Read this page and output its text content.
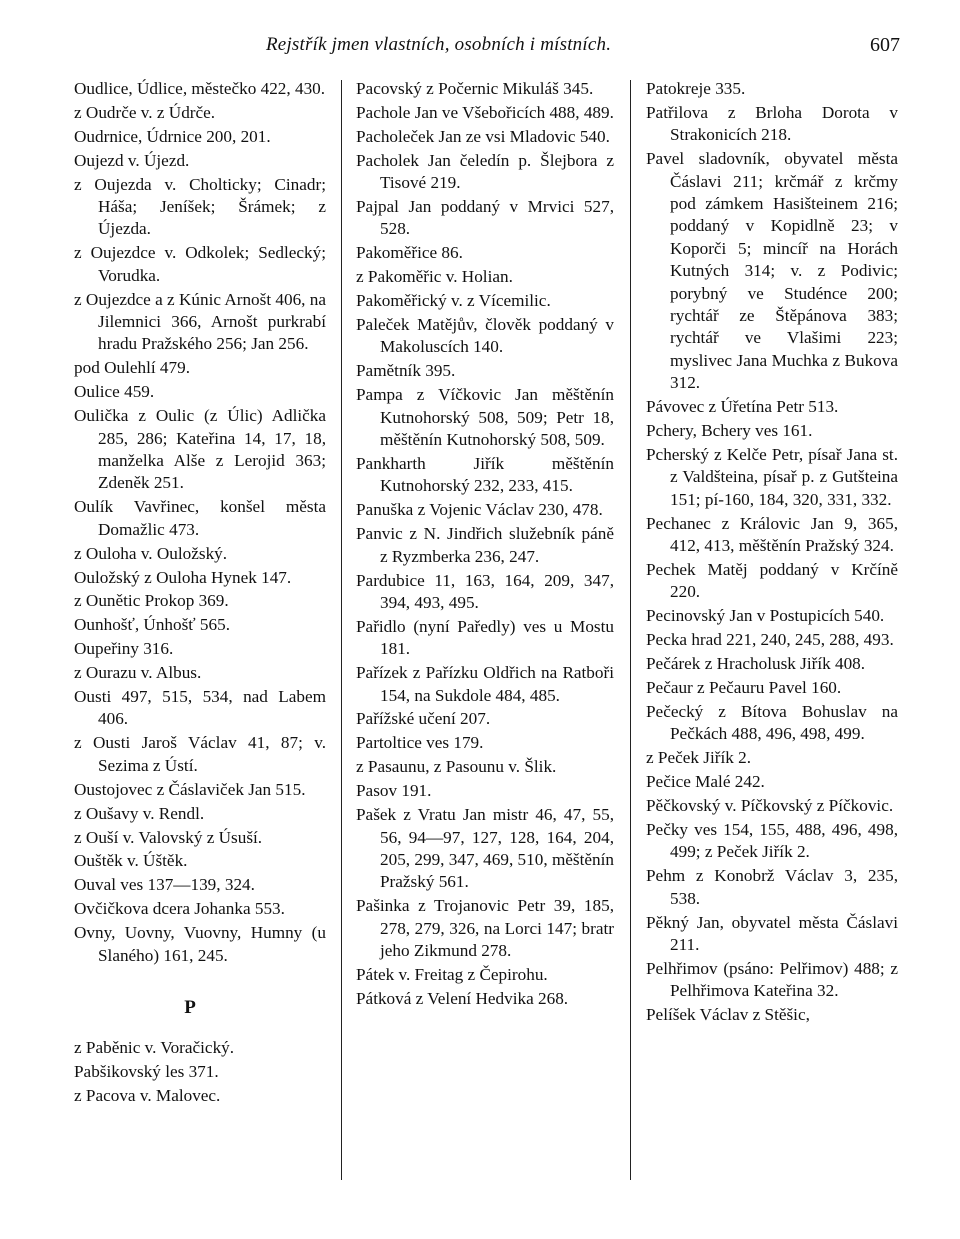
Rejstřík jmen vlastních, osobních i místních.	607

Oudlice, Údlice, městečko 422, 430.

z Oudrče v. z Údrče.

Oudrnice, Údrnice 200, 201.

Oujezd v. Újezd.

z Oujezda v. Cholticky; Cinadr; Háša; Jeníšek; Šrámek; z Újezda.

z Oujezdce v. Odkolek; Sedlecký; Vorudka.

z Oujezdce a z Kúnic Arnošt 406, na Jilemnici 366, Arnošt purkrabí hradu Pražského 256; Jan 256.

pod Oulehlí 479.

Oulice 459.

Oulička z Oulic (z Úlic) Adlička 285, 286; Kateřina 14, 17, 18, manželka Alše z Lerojid 363; Zdeněk 251.

Oulík Vavřinec, konšel města Domažlic 473.

z Ouloha v. Ouložský.

Ouložský z Ouloha Hynek 147.

z Ounětic Prokop 369.

Ounhošť, Únhošť 565.

Oupeřiny 316.

z Ourazu v. Albus.

Ousti 497, 515, 534, nad Labem 406.

z Ousti Jaroš Václav 41, 87; v. Sezima z Ústí.

Oustojovec z Čáslaviček Jan 515.

z Oušavy v. Rendl.

z Ouší v. Valovský z Úsuší.

Ouštěk v. Úštěk.

Ouval ves 137—139, 324.

Ovčičkova dcera Johanka 553.

Ovny, Uovny, Vuovny, Humny (u Slaného) 161, 245.

P

z Paběnic v. Voračický.

Pabšikovský les 371.

z Pacova v. Malovec.

Pacovský z Počernic Mikuláš 345.

Pachole Jan ve Všebořicích 488, 489.

Pacholeček Jan ze vsi Mladovic 540.

Pacholek Jan čeledín p. Šlejbora z Tisové 219.

Pajpal Jan poddaný v Mrvici 527, 528.

Pakoměřice 86.

z Pakoměřic v. Holian.

Pakoměřický v. z Vícemilic.

Paleček Matějův, člověk poddaný v Makoluscích 140.

Pamětník 395.

Pampa z Víčkovic Jan měštěnín Kutnohorský 508, 509; Petr 18, měštěnín Kutnohorský 508, 509.

Pankharth Jiřík měštěnín Kutnohorský 232, 233, 415.

Panuška z Vojenic Václav 230, 478.

Panvic z N. Jindřich služebník páně z Ryzmberka 236, 247.

Pardubice 11, 163, 164, 209, 347, 394, 493, 495.

Pařidlo (nyní Paředly) ves u Mostu 181.

Pařízek z Pařízku Oldřich na Ratboři 154, na Sukdole 484, 485.

Pařížské učení 207.

Partoltice ves 179.

z Pasaunu, z Pasounu v. Šlik.

Pasov 191.

Pašek z Vratu Jan mistr 46, 47, 55, 56, 94—97, 127, 128, 164, 204, 205, 299, 347, 469, 510, měštěnín Pražský 561.

Pašinka z Trojanovic Petr 39, 185, 278, 279, 326, na Lorci 147; bratr jeho Zikmund 278.

Pátek v. Freitag z Čepirohu.

Pátková z Velení Hedvika 268.

Patokreje 335.

Patřilova z Brloha Dorota v Strakonicích 218.

Pavel sladovník, obyvatel města Čáslavi 211; krčmář z krčmy pod zámkem Hasišteinem 216; poddaný v Kopidlně 23; v Koporči 5; mincíř na Horách Kutných 314; v. z Podivic; porybný ve Studénce 200; rychtář ze Štěpánova 383; rychtář ve Vlašimi 223; myslivec Jana Muchka z Bukova 312.

Pávovec z Úřetína Petr 513.

Pchery, Bchery ves 161.

Pcherský z Kelče Petr, písař Jana st. z Valdšteina, písař p. z Gutšteina 151; pí-160, 184, 320, 331, 332.

Pechanec z Královic Jan 9, 365, 412, 413, měštěnín Pražský 324.

Pechek Matěj poddaný v Krčíně 220.

Pecinovský Jan v Postupicích 540.

Pecka hrad 221, 240, 245, 288, 493.

Pečárek z Hracholusk Jiřík 408.

Pečaur z Pečauru Pavel 160.

Pečecký z Bítova Bohuslav na Pečkách 488, 496, 498, 499.

z Peček Jiřík 2.

Pečice Malé 242.

Pěčkovský v. Píčkovský z Píčkovic.

Pečky ves 154, 155, 488, 496, 498, 499; z Peček Jiřík 2.

Pehm z Konobrž Václav 3, 235, 538.

Pěkný Jan, obyvatel města Čáslavi 211.

Pelhřimov (psáno: Pelřimov) 488; z Pelhřimova Kateřina 32.

Pelíšek Václav z Stěšic,
